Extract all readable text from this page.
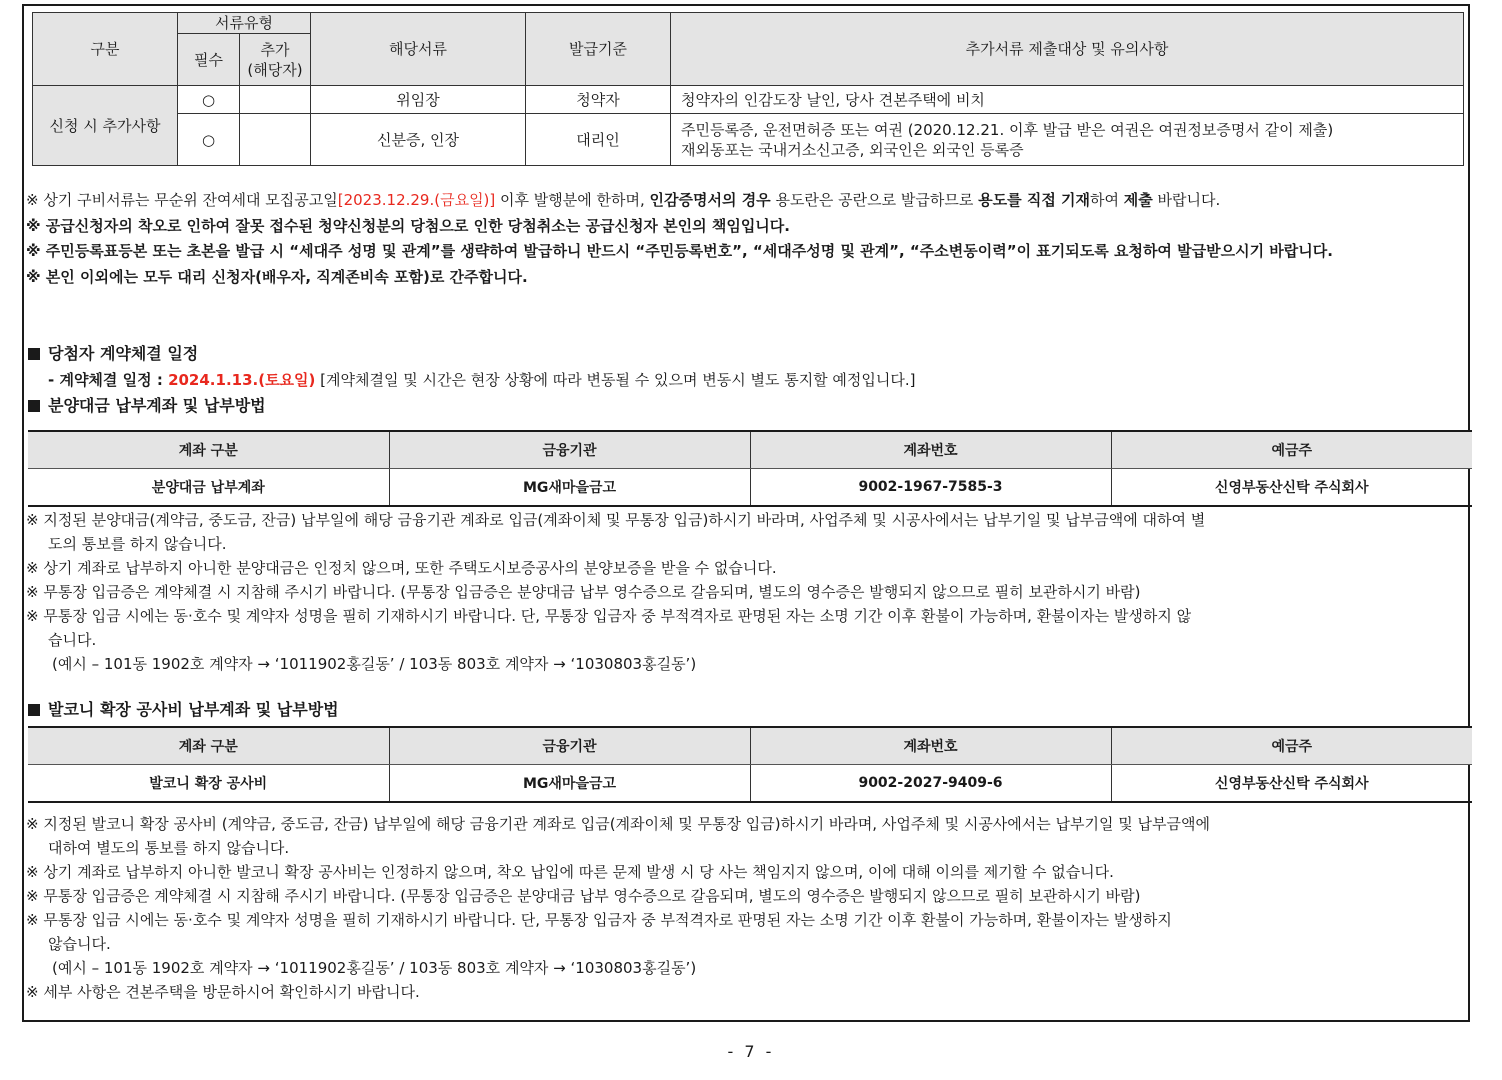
구분	서류유형		해당서류	발급기준	추가서류 제출대상 및 유의사항
	필수	추가
(해당자)			
신청 시 추가사항	○		위임장	청약자	청약자의 인감도장 날인, 당사 견본주택에 비치
	○		신분증, 인장	대리인	주민등록증, 운전면허증 또는 여권 (2020.12.21. 이후 발급 받은 여권은 여권정보증명서 같이 제출)
재외동포는 국내거소신고증, 외국인은 외국인 등록증

※ 상기 구비서류는 무순위 잔여세대 모집공고일[2023.12.29.(금요일)] 이후 발행분에 한하며, 인감증명서의 경우 용도란은 공란으로 발급하므로 용도를 직접 기재하여 제출 바랍니다.

※ 공급신청자의 착오로 인하여 잘못 접수된 청약신청분의 당첨으로 인한 당첨취소는 공급신청자 본인의 책임입니다.

※ 주민등록표등본 또는 초본을 발급 시 “세대주 성명 및 관계”를 생략하여 발급하니 반드시 “주민등록번호”, “세대주성명 및 관계”, “주소변동이력”이 표기되도록 요청하여 발급받으시기 바랍니다.

※ 본인 이외에는 모두 대리 신청자(배우자, 직계존비속 포함)로 간주합니다.

당첨자 계약체결 일정
- 계약체결 일정 : 2024.1.13.(토요일) [계약체결일 및 시간은 현장 상황에 따라 변동될 수 있으며 변동시 별도 통지할 예정입니다.]
분양대금 납부계좌 및 납부방법
계좌 구분	금융기관	계좌번호	예금주
분양대금 납부계좌	MG새마을금고	9002-1967-7585-3	신영부동산신탁 주식회사

※ 지정된 분양대금(계약금, 중도금, 잔금) 납부일에 해당 금융기관 계좌로 입금(계좌이체 및 무통장 입금)하시기 바라며, 사업주체 및 시공사에서는 납부기일 및 납부금액에 대하여 별

도의 통보를 하지 않습니다.

※ 상기 계좌로 납부하지 아니한 분양대금은 인정치 않으며, 또한 주택도시보증공사의 분양보증을 받을 수 없습니다.

※ 무통장 입금증은 계약체결 시 지참해 주시기 바랍니다. (무통장 입금증은 분양대금 납부 영수증으로 갈음되며, 별도의 영수증은 발행되지 않으므로 필히 보관하시기 바람)

※ 무통장 입금 시에는 동·호수 및 계약자 성명을 필히 기재하시기 바랍니다. 단, 무통장 입금자 중 부적격자로 판명된 자는 소명 기간 이후 환불이 가능하며, 환불이자는 발생하지 않

습니다.

(예시 – 101동 1902호 계약자 → ‘1011902홍길동’ / 103동 803호 계약자 → ‘1030803홍길동’)

발코니 확장 공사비 납부계좌 및 납부방법
계좌 구분	금융기관	계좌번호	예금주
발코니 확장 공사비	MG새마을금고	9002-2027-9409-6	신영부동산신탁 주식회사

※ 지정된 발코니 확장 공사비 (계약금, 중도금, 잔금) 납부일에 해당 금융기관 계좌로 입금(계좌이체 및 무통장 입금)하시기 바라며, 사업주체 및 시공사에서는 납부기일 및 납부금액에

대하여 별도의 통보를 하지 않습니다.

※ 상기 계좌로 납부하지 아니한 발코니 확장 공사비는 인정하지 않으며, 착오 납입에 따른 문제 발생 시 당 사는 책임지지 않으며, 이에 대해 이의를 제기할 수 없습니다.

※ 무통장 입금증은 계약체결 시 지참해 주시기 바랍니다. (무통장 입금증은 분양대금 납부 영수증으로 갈음되며, 별도의 영수증은 발행되지 않으므로 필히 보관하시기 바람)

※ 무통장 입금 시에는 동·호수 및 계약자 성명을 필히 기재하시기 바랍니다. 단, 무통장 입금자 중 부적격자로 판명된 자는 소명 기간 이후 환불이 가능하며, 환불이자는 발생하지

않습니다.

(예시 – 101동 1902호 계약자 → ‘1011902홍길동’ / 103동 803호 계약자 → ‘1030803홍길동’)

※ 세부 사항은 견본주택을 방문하시어 확인하시기 바랍니다.

- 7 -
